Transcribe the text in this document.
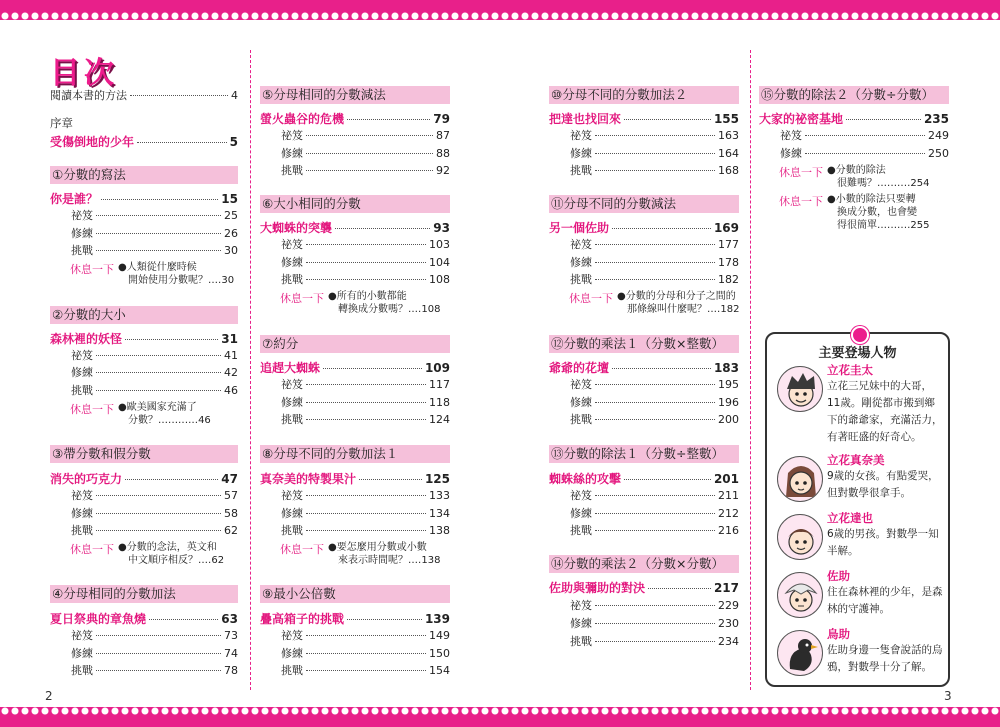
目次
2	3
閱讀本書的方法	4
序章
受傷倒地的少年	5
①分數的寫法
你是誰？	15
祕笈	25
修練	26
挑戰	30
休息一下 ●人類從什麼時候
開始使用分數呢？‥‥30
②分數的大小
森林裡的妖怪	31
祕笈	41
修練	42
挑戰	46
休息一下 ●歐美國家充滿了
分數？‥‥‥‥‥‥46
③帶分數和假分數
消失的巧克力	47
祕笈	57
修練	58
挑戰	62
休息一下 ●分數的念法，英文和
中文順序相反？‥‥62
④分母相同的分數加法
夏日祭典的章魚燒	63
祕笈	73
修練	74
挑戰	78
⑤分母相同的分數減法
螢火蟲谷的危機	79
祕笈	87
修練	88
挑戰	92
⑥大小相同的分數
大蜘蛛的突襲	93
祕笈	103
修練	104
挑戰	108
休息一下 ●所有的小數都能
轉換成分數嗎？‥‥108
⑦約分
追趕大蜘蛛	109
祕笈	117
修練	118
挑戰	124
⑧分母不同的分數加法１
真奈美的特製果汁	125
祕笈	133
修練	134
挑戰	138
休息一下 ●要怎麼用分數或小數
來表示時間呢？‥‥138
⑨最小公倍數
疊高箱子的挑戰	139
祕笈	149
修練	150
挑戰	154
⑩分母不同的分數加法２
把達也找回來	155
祕笈	163
修練	164
挑戰	168
⑪分母不同的分數減法
另一個佐助	169
祕笈	177
修練	178
挑戰	182
休息一下 ●分數的分母和分子之間的
那條線叫什麼呢？‥‥182
⑫分數的乘法１（分數×整數）
爺爺的花壇	183
祕笈	195
修練	196
挑戰	200
⑬分數的除法１（分數÷整數）
蜘蛛絲的攻擊	201
祕笈	211
修練	212
挑戰	216
⑭分數的乘法２（分數×分數）
佐助與彌助的對決	217
祕笈	229
修練	230
挑戰	234
⑮分數的除法２（分數÷分數）
大家的祕密基地	235
祕笈	249
修練	250
休息一下 ●分數的除法
很難嗎？‥‥‥‥‥254
休息一下 ●小數的除法只要轉
換成分數，也會變
得很簡單‥‥‥‥‥255
主要登場人物
立花圭太
立花三兄妹中的大哥，11歲。剛從都市搬到鄉下的爺爺家，充滿活力，有著旺盛的好奇心。
立花真奈美
9歲的女孩。有點愛哭，但對數學很拿手。
立花達也
6歲的男孩。對數學一知半解。
佐助
住在森林裡的少年，是森林的守護神。
烏助
佐助身邊一隻會說話的烏鴉，對數學十分了解。
